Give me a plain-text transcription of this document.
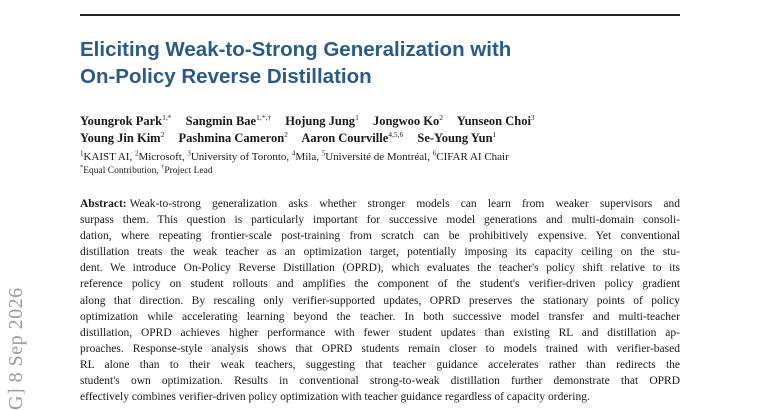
Eliciting Weak-to-Strong Generalization with
On-Policy Reverse Distillation
Youngrok Park$^{1,*}$ Sangmin Bae$^{1,*,\dagger}$ Hojung Jung$^1$ Jongwoo Ko$^2$ Yunseon Choi$^3$
Young Jin Kim$^2$ Pashmina Cameron$^2$ Aaron Courville$^{4,5,6}$ Se-Young Yun$^1$
$^1$KAIST AI, $^2$Microsoft, $^3$University of Toronto, $^4$Mila, $^5$Université de Montréal, $^6$CIFAR AI Chair
*Equal Contribution, †Project Lead
Abstract: Weak-to-strong generalization asks whether stronger models can learn from weaker supervisors and
surpass them. This question is particularly important for successive model generations and multi-domain consoli-
dation, where repeating frontier-scale post-training from scratch can be prohibitively expensive. Yet conventional
distillation treats the weak teacher as an optimization target, potentially imposing its capacity ceiling on the stu-
dent. We introduce On-Policy Reverse Distillation (OPRD), which evaluates the teacher's policy shift relative to its
reference policy on student rollouts and amplifies the component of the student's verifier-driven policy gradient
along that direction. By rescaling only verifier-supported updates, OPRD preserves the stationary points of policy
optimization while accelerating learning beyond the teacher. In both successive model transfer and multi-teacher
distillation, OPRD achieves higher performance with fewer student updates than existing RL and distillation ap-
proaches. Response-style analysis shows that OPRD students remain closer to models trained with verifier-based
RL alone than to their weak teachers, suggesting that teacher guidance accelerates rather than redirects the
student's own optimization. Results in conventional strong-to-weak distillation further demonstrate that OPRD
effectively combines verifier-driven policy optimization with teacher guidance regardless of capacity ordering.
G] 8 Sep 2026
